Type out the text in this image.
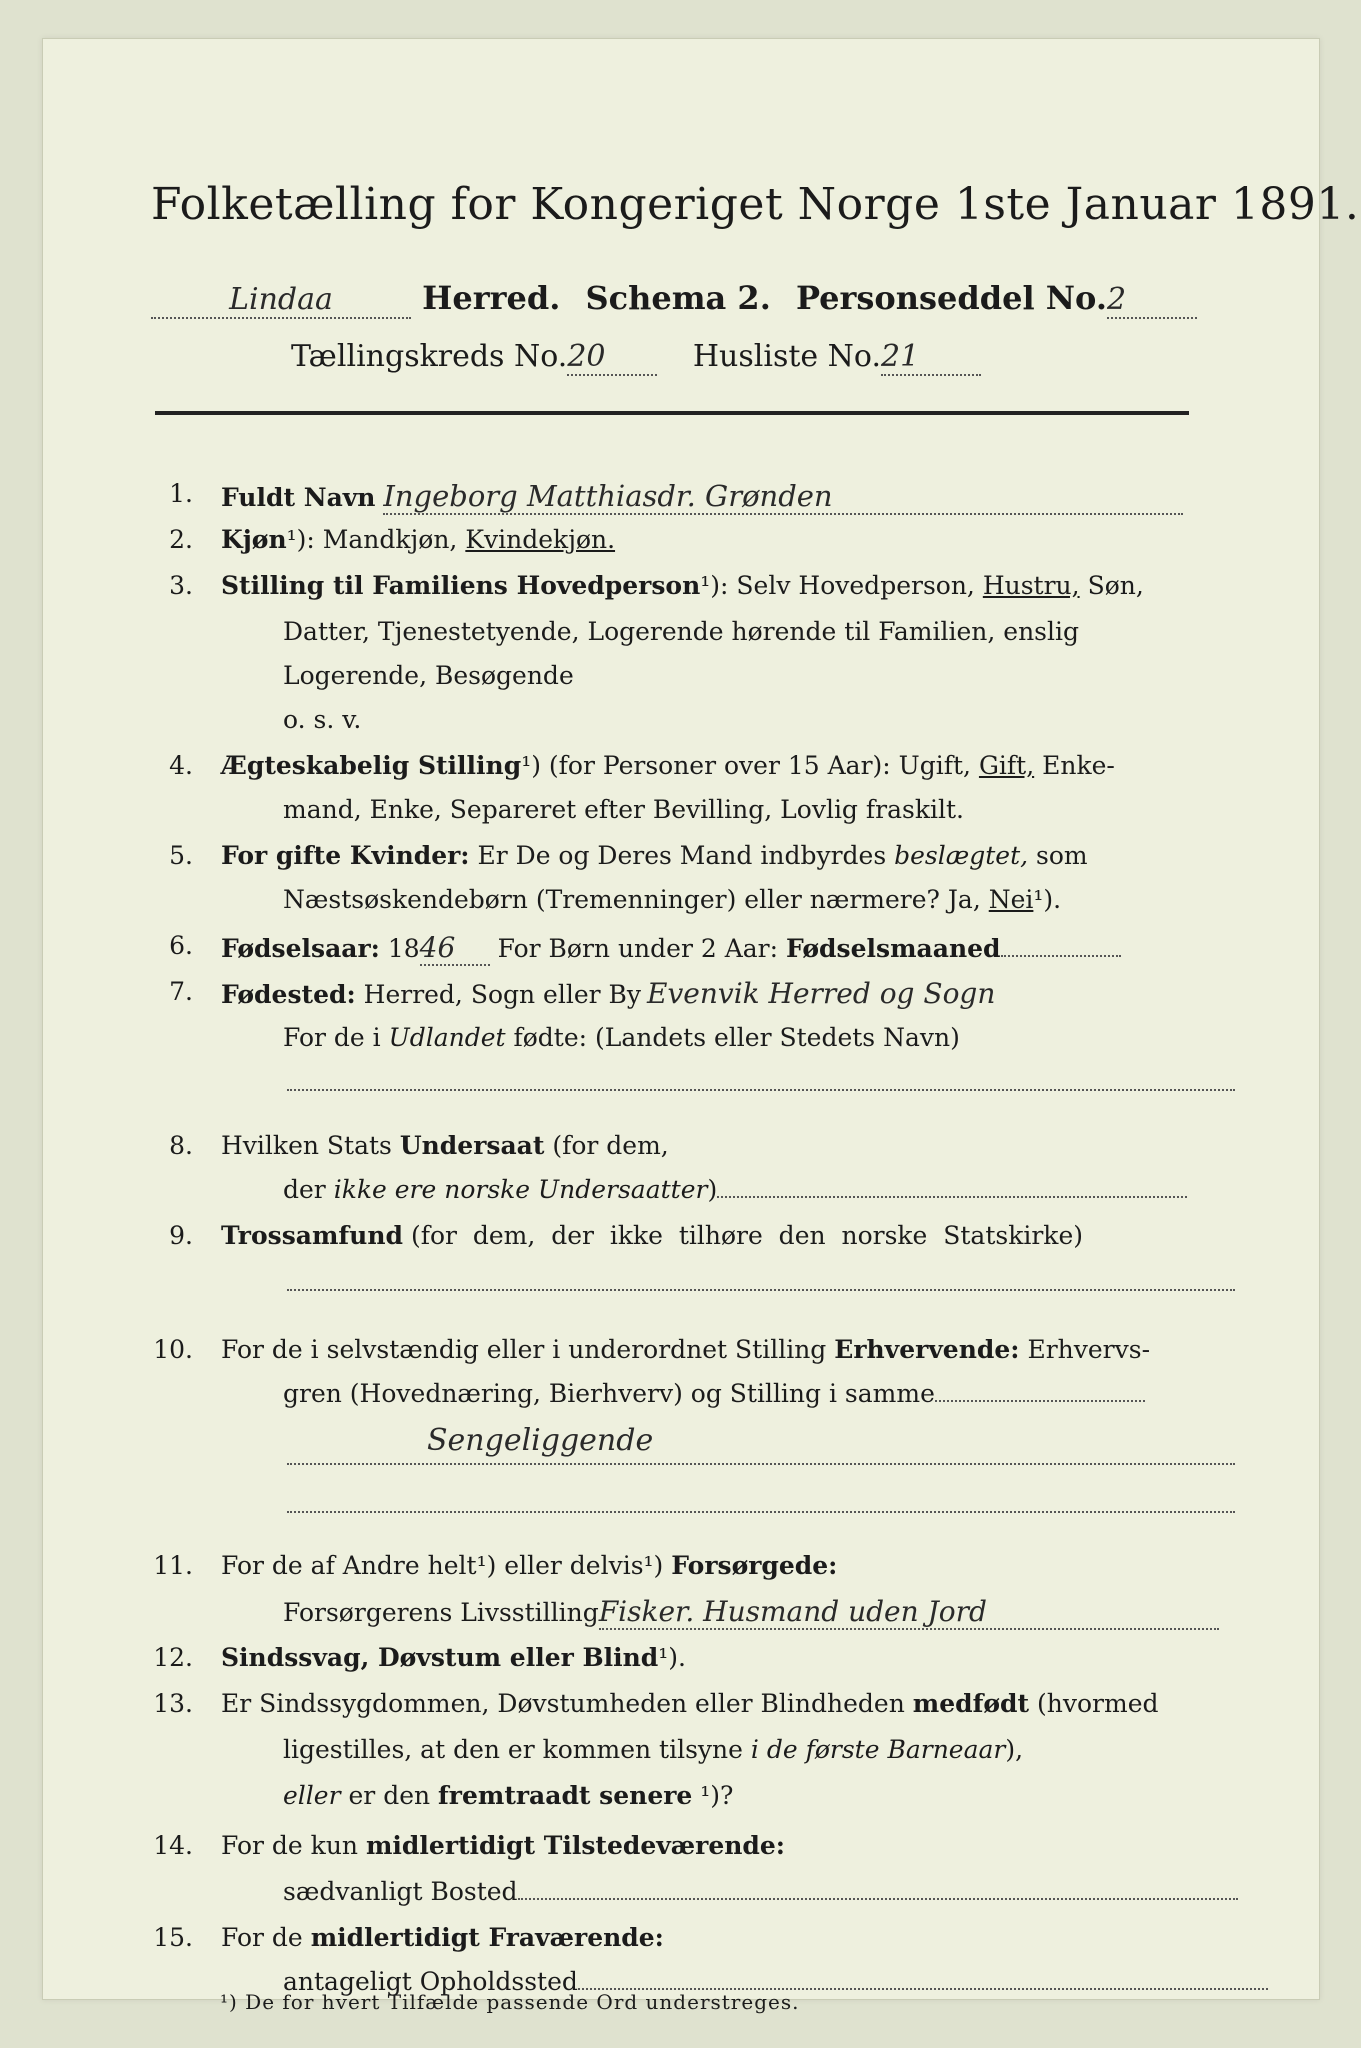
Folketælling for Kongeriget Norge 1ste Januar 1891.
Lindaa	Herred. Schema 2. Personseddel No.2
Tællingskreds No.20	Husliste No.21
1. Fuldt Navn Ingeborg Matthiasdr. Grønden
2. Kjøn¹): Mandkjøn, Kvindekjøn.
3. Stilling til Familiens Hovedperson¹): Selv Hovedperson, Hustru, Søn,
Datter, Tjenestetyende, Logerende hørende til Familien, enslig
Logerende, Besøgende
o. s. v.
4. Ægteskabelig Stilling¹) (for Personer over 15 Aar): Ugift, Gift, Enke-
mand, Enke, Separeret efter Bevilling, Lovlig fraskilt.
5. For gifte Kvinder: Er De og Deres Mand indbyrdes beslægtet, som
Næstsøskendebørn (Tremenninger) eller nærmere? Ja, Nei¹).
6. Fødselsaar: 1846 For Børn under 2 Aar: Fødselsmaaned
7. Fødested: Herred, Sogn eller By Evenvik Herred og Sogn
For de i Udlandet fødte: (Landets eller Stedets Navn)
8. Hvilken Stats Undersaat (for dem,
der ikke ere norske Undersaatter)
9. Trossamfund (for  dem,  der  ikke  tilhøre  den  norske  Statskirke)
10. For de i selvstændig eller i underordnet Stilling Erhvervende: Erhvervs-
gren (Hovednæring, Bierhverv) og Stilling i samme
Sengeliggende
11. For de af Andre helt¹) eller delvis¹) Forsørgede:
Forsørgerens LivsstillingFisker. Husmand uden Jord
12. Sindssvag, Døvstum eller Blind¹).
13. Er Sindssygdommen, Døvstumheden eller Blindheden medfødt (hvormed
ligestilles, at den er kommen tilsyne i de første Barneaar),
eller er den fremtraadt senere ¹)?
14. For de kun midlertidigt Tilstedeværende:
sædvanligt Bosted
15. For de midlertidigt Fraværende:
antageligt Opholdssted
¹) De for hvert Tilfælde passende Ord understreges.
